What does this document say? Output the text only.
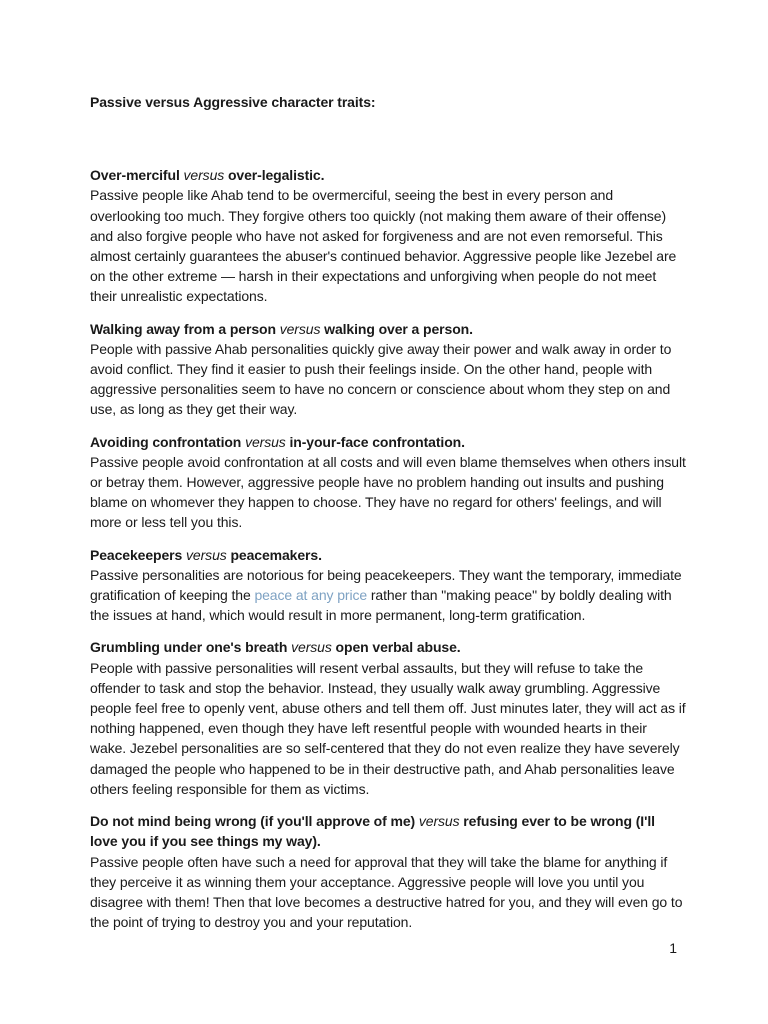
Passive versus Aggressive character traits:

Over-merciful versus over-legalistic.

Passive people like Ahab tend to be overmerciful, seeing the best in every person and overlooking too much. They forgive others too quickly (not making them aware of their offense) and also forgive people who have not asked for forgiveness and are not even remorseful. This almost certainly guarantees the abuser's continued behavior. Aggressive people like Jezebel are on the other extreme — harsh in their expectations and unforgiving when people do not meet their unrealistic expectations.

Walking away from a person versus walking over a person.

People with passive Ahab personalities quickly give away their power and walk away in order to avoid conflict. They find it easier to push their feelings inside. On the other hand, people with aggressive personalities seem to have no concern or conscience about whom they step on and use, as long as they get their way.

Avoiding confrontation versus in-your-face confrontation.

Passive people avoid confrontation at all costs and will even blame themselves when others insult or betray them. However, aggressive people have no problem handing out insults and pushing blame on whomever they happen to choose. They have no regard for others' feelings, and will more or less tell you this.

Peacekeepers versus peacemakers.

Passive personalities are notorious for being peacekeepers. They want the temporary, immediate gratification of keeping the peace at any price rather than "making peace" by boldly dealing with the issues at hand, which would result in more permanent, long-term gratification.

Grumbling under one's breath versus open verbal abuse.

People with passive personalities will resent verbal assaults, but they will refuse to take the offender to task and stop the behavior. Instead, they usually walk away grumbling. Aggressive people feel free to openly vent, abuse others and tell them off. Just minutes later, they will act as if nothing happened, even though they have left resentful people with wounded hearts in their wake. Jezebel personalities are so self-centered that they do not even realize they have severely damaged the people who happened to be in their destructive path, and Ahab personalities leave others feeling responsible for them as victims.

Do not mind being wrong (if you'll approve of me) versus refusing ever to be wrong (I'll love you if you see things my way).

Passive people often have such a need for approval that they will take the blame for anything if they perceive it as winning them your acceptance. Aggressive people will love you until you disagree with them! Then that love becomes a destructive hatred for you, and they will even go to the point of trying to destroy you and your reputation.

1
